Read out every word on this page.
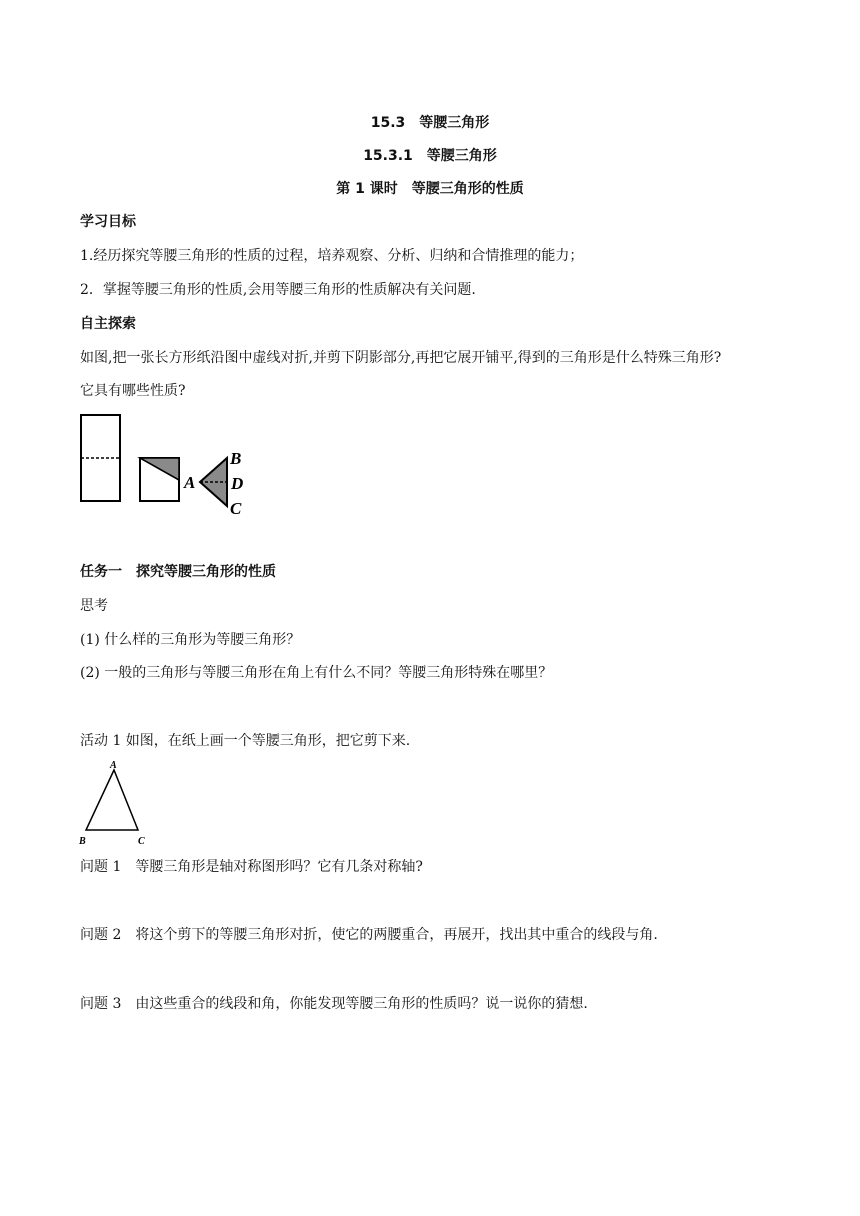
15.3　等腰三角形
15.3.1　等腰三角形
第 1 课时　等腰三角形的性质
学习目标
1.经历探究等腰三角形的性质的过程，培养观察、分析、归纳和合情推理的能力；
2．掌握等腰三角形的性质,会用等腰三角形的性质解决有关问题.
自主探索
如图,把一张长方形纸沿图中虚线对折,并剪下阴影部分,再把它展开铺平,得到的三角形是什么特殊三角形?
它具有哪些性质?
A
B
D
C
任务一　探究等腰三角形的性质
思考
(1) 什么样的三角形为等腰三角形？
(2) 一般的三角形与等腰三角形在角上有什么不同？等腰三角形特殊在哪里？
活动 1 如图，在纸上画一个等腰三角形，把它剪下来.
A
B	C
问题 1　等腰三角形是轴对称图形吗？它有几条对称轴?
问题 2　将这个剪下的等腰三角形对折，使它的两腰重合，再展开，找出其中重合的线段与角.
问题 3　由这些重合的线段和角，你能发现等腰三角形的性质吗？说一说你的猜想.
